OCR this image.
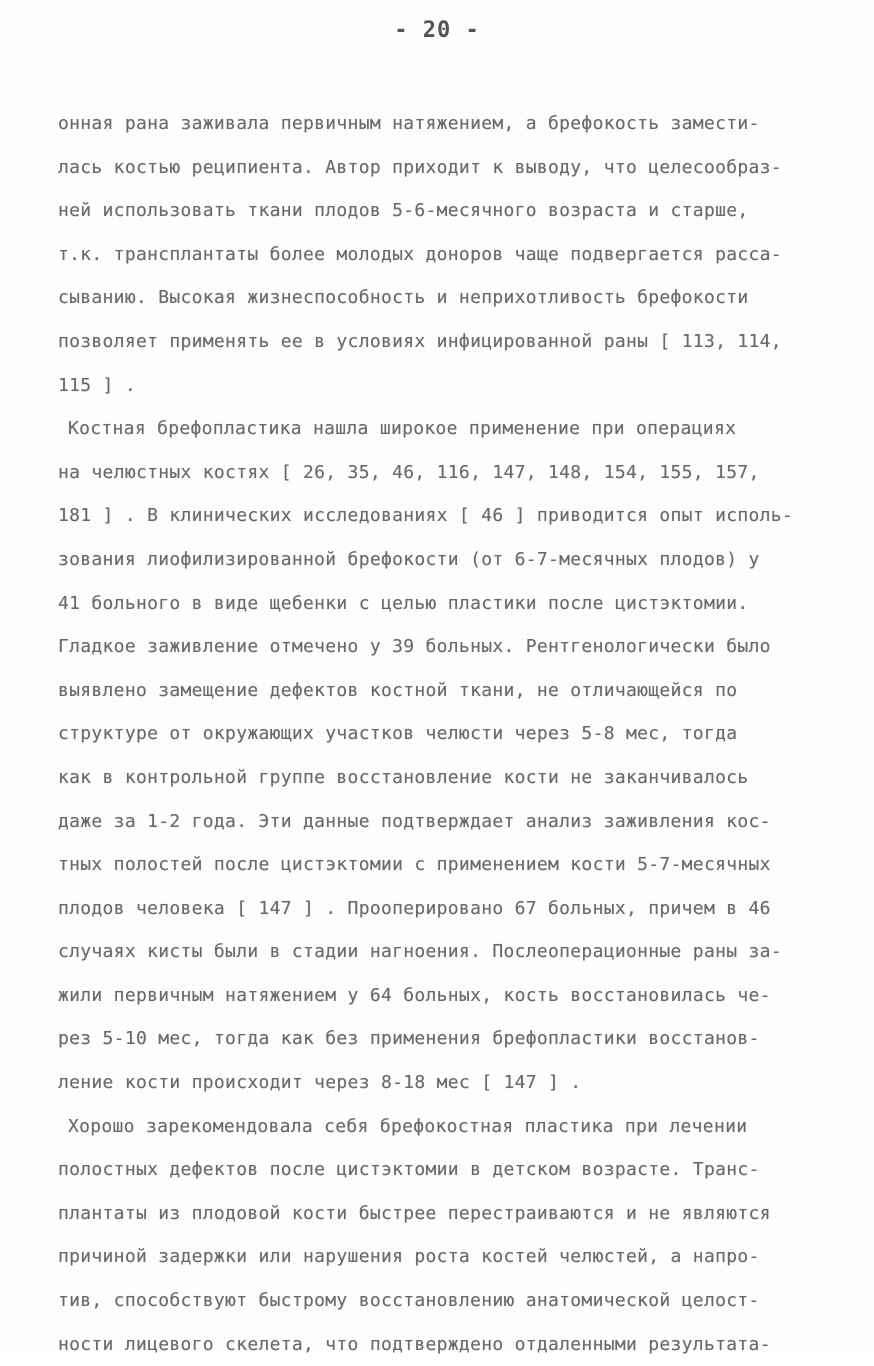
- 20 -
онная рана заживала первичным натяжением, а брефокость замести-
лась костью реципиента. Автор приходит к выводу, что целесообраз-
ней использовать ткани плодов 5-6-месячного возраста и старше,
т.к. трансплантаты более молодых доноров чаще подвергается расса-
сыванию. Высокая жизнеспособность и неприхотливость брефокости
позволяет применять ее в условиях инфицированной раны [ 113, 114,
115 ] .
Костная брефопластика нашла широкое применение при операциях
на челюстных костях [ 26, 35, 46, 116, 147, 148, 154, 155, 157,
181 ] . В клинических исследованиях [ 46 ] приводится опыт исполь-
зования лиофилизированной брефокости (от 6-7-месячных плодов) у
41 больного в виде щебенки с целью пластики после цистэктомии.
Гладкое заживление отмечено у 39 больных. Рентгенологически было
выявлено замещение дефектов костной ткани, не отличающейся по
структуре от окружающих участков челюсти через 5-8 мес, тогда
как в контрольной группе восстановление кости не заканчивалось
даже за 1-2 года. Эти данные подтверждает анализ заживления кос-
тных полостей после цистэктомии с применением кости 5-7-месячных
плодов человека [ 147 ] . Прооперировано 67 больных, причем в 46
случаях кисты были в стадии нагноения. Послеоперационные раны за-
жили первичным натяжением у 64 больных, кость восстановилась че-
рез 5-10 мес, тогда как без применения брефопластики восстанов-
ление кости происходит через 8-18 мес [ 147 ] .
Хорошо зарекомендовала себя брефокостная пластика при лечении
полостных дефектов после цистэктомии в детском возрасте. Транс-
плантаты из плодовой кости быстрее перестраиваются и не являются
причиной задержки или нарушения роста костей челюстей, а напро-
тив, способствуют быстрому восстановлению анатомической целост-
ности лицевого скелета, что подтверждено отдаленными результата-
